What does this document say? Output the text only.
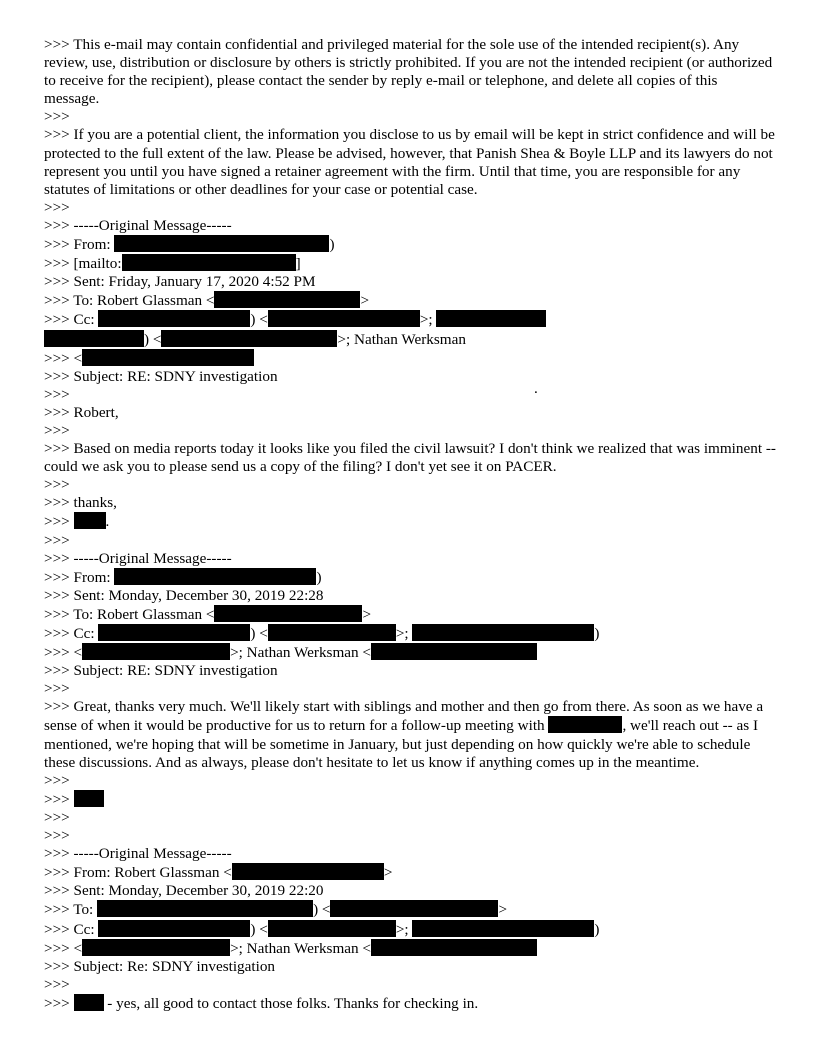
>>> This e-mail may contain confidential and privileged material for the sole use of the intended recipient(s). Any review, use, distribution or disclosure by others is strictly prohibited. If you are not the intended recipient (or authorized to receive for the recipient), please contact the sender by reply e-mail or telephone, and delete all copies of this message.
>>>
>>> If you are a potential client, the information you disclose to us by email will be kept in strict confidence and will be protected to the full extent of the law. Please be advised, however, that Panish Shea & Boyle LLP and its lawyers do not represent you until you have signed a retainer agreement with the firm. Until that time, you are responsible for any statutes of limitations or other deadlines for your case or potential case.
>>>
>>> -----Original Message-----
>>> From:	)
>>> [mailto:	]
>>> Sent: Friday, January 17, 2020 4:52 PM
>>> To: Robert Glassman <	>
>>> Cc:	) <	>;
) <	>; Nathan Werksman
>>> <
>>> Subject: RE: SDNY investigation
>>>
>>> Robert,
>>>
>>> Based on media reports today it looks like you filed the civil lawsuit? I don't think we realized that was imminent -- could we ask you to please send us a copy of the filing? I don't yet see it on PACER.
>>>
>>> thanks,
>>> .
>>>
>>> -----Original Message-----
>>> From:	)
>>> Sent: Monday, December 30, 2019 22:28
>>> To: Robert Glassman <	>
>>> Cc:	) <	>;	)
>>> <	>; Nathan Werksman <
>>> Subject: RE: SDNY investigation
>>>
>>> Great, thanks very much. We'll likely start with siblings and mother and then go from there. As soon as we have a sense of when it would be productive for us to return for a follow-up meeting with	, we'll reach out -- as I mentioned, we're hoping that will be sometime in January, but just depending on how quickly we're able to schedule these discussions. And as always, please don't hesitate to let us know if anything comes up in the meantime.
>>>
>>>
>>>
>>>
>>> -----Original Message-----
>>> From: Robert Glassman <	>
>>> Sent: Monday, December 30, 2019 22:20
>>> To:	) <	>
>>> Cc:	) <	>;	)
>>> <	>; Nathan Werksman <
>>> Subject: Re: SDNY investigation
>>>
>>> - yes, all good to contact those folks. Thanks for checking in.
.
